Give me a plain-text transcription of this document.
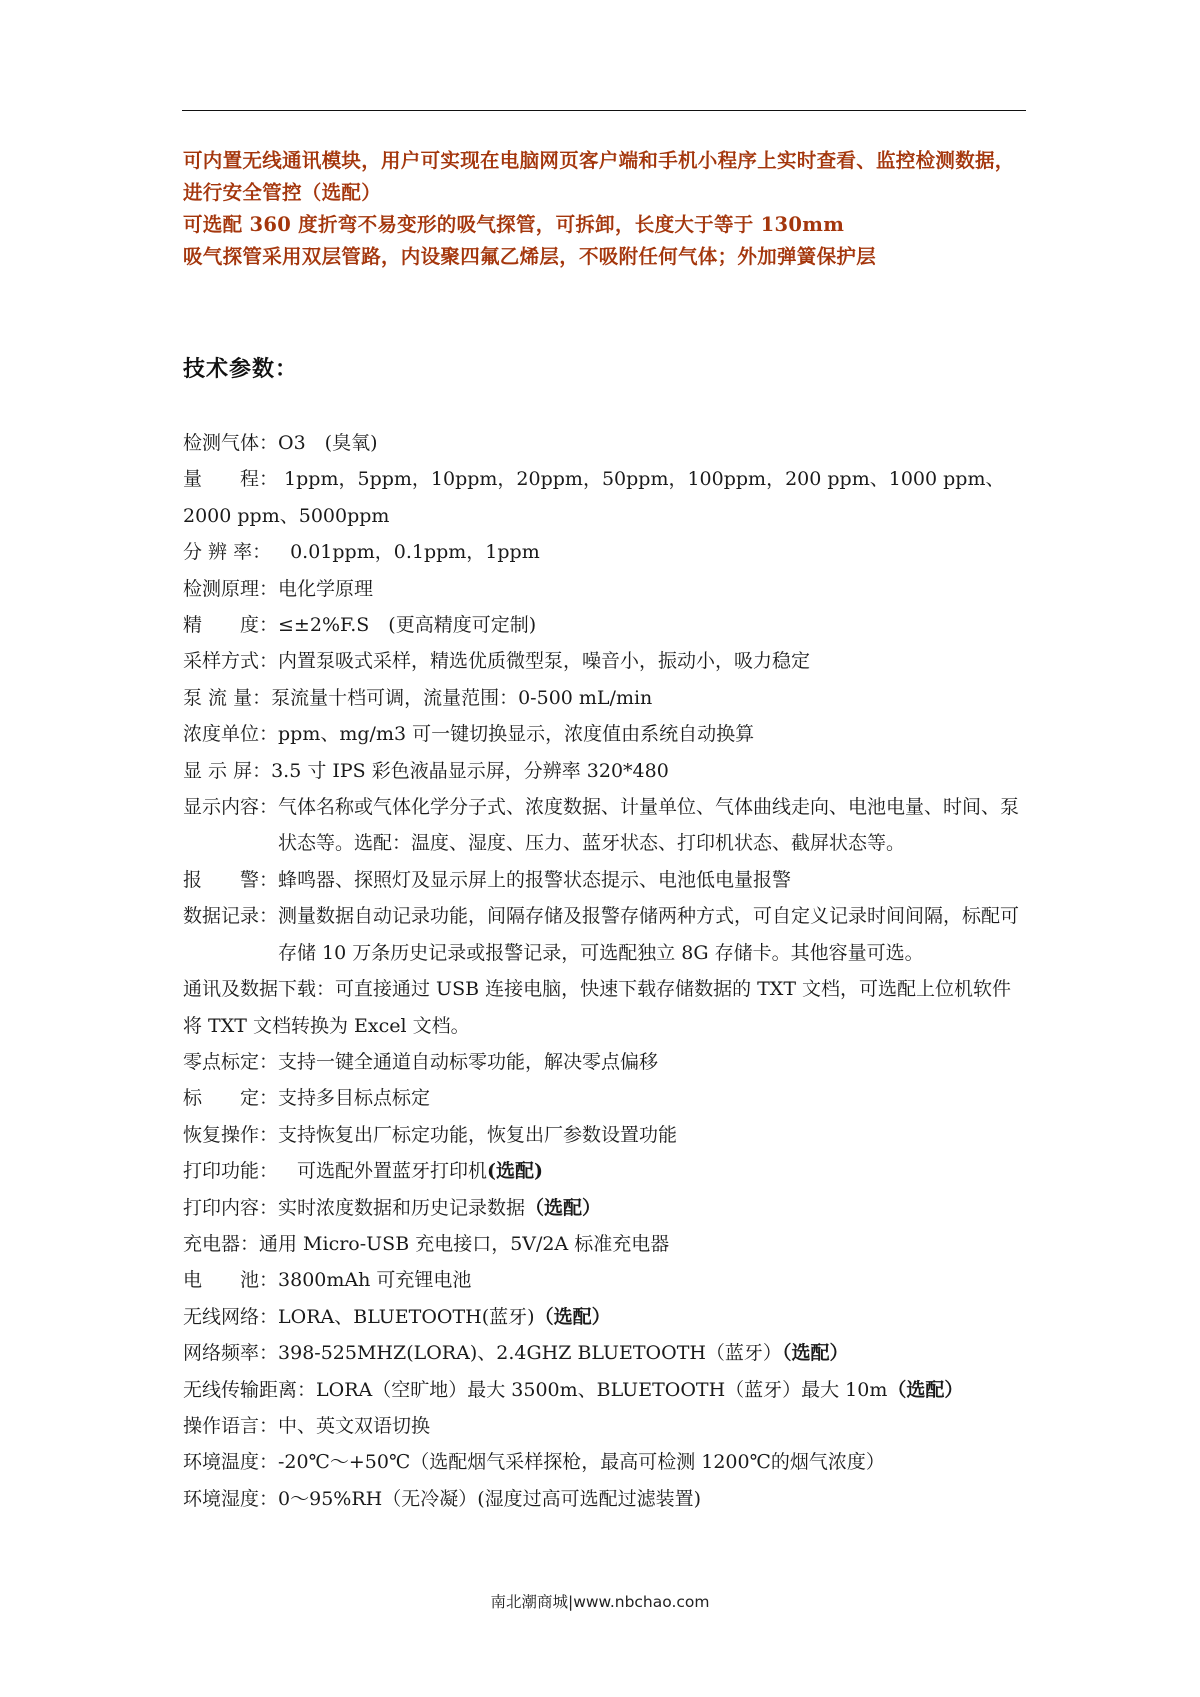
可内置无线通讯模块，用户可实现在电脑网页客户端和手机小程序上实时查看、监控检测数据，进行安全管控（选配）

可选配 360 度折弯不易变形的吸气探管，可拆卸，长度大于等于 130mm

吸气探管采用双层管路，内设聚四氟乙烯层，不吸附任何气体；外加弹簧保护层

技术参数：
检测气体： O3　(臭氧)
量　　程： 1ppm，5ppm，10ppm，20ppm，50ppm，100ppm，200 ppm、1000 ppm、2000 ppm、5000ppm
分 辨 率： 　0.01ppm，0.1ppm，1ppm
检测原理： 电化学原理
精　　度： ≤±2%F.S　(更高精度可定制)
采样方式： 内置泵吸式采样，精选优质微型泵，噪音小，振动小，吸力稳定
泵 流 量： 泵流量十档可调，流量范围：0-500 mL/min
浓度单位： ppm、mg/m3 可一键切换显示，浓度值由系统自动换算
显 示 屏： 3.5 寸 IPS 彩色液晶显示屏，分辨率 320*480
显示内容： 气体名称或气体化学分子式、浓度数据、计量单位、气体曲线走向、电池电量、时间、泵状态等。选配：温度、湿度、压力、蓝牙状态、打印机状态、截屏状态等。
报　　警： 蜂鸣器、探照灯及显示屏上的报警状态提示、电池低电量报警
数据记录： 测量数据自动记录功能，间隔存储及报警存储两种方式，可自定义记录时间间隔，标配可存储 10 万条历史记录或报警记录，可选配独立 8G 存储卡。其他容量可选。
通讯及数据下载：可直接通过 USB 连接电脑，快速下载存储数据的 TXT 文档，可选配上位机软件将 TXT 文档转换为 Excel 文档。
零点标定： 支持一键全通道自动标零功能，解决零点偏移
标　　定： 支持多目标点标定
恢复操作： 支持恢复出厂标定功能，恢复出厂参数设置功能
打印功能： 　可选配外置蓝牙打印机(选配)
打印内容： 实时浓度数据和历史记录数据（选配）
充电器： 通用 Micro-USB 充电接口，5V/2A 标准充电器
电　　池： 3800mAh 可充锂电池
无线网络： LORA、BLUETOOTH(蓝牙)（选配）
网络频率： 398-525MHZ(LORA)、2.4GHZ BLUETOOTH（蓝牙）（选配）
无线传输距离： LORA（空旷地）最大 3500m、BLUETOOTH（蓝牙）最大 10m（选配）
操作语言： 中、英文双语切换
环境温度： -20℃～+50℃（选配烟气采样探枪，最高可检测 1200℃的烟气浓度）
环境湿度： 0～95%RH（无冷凝）(湿度过高可选配过滤装置)
南北潮商城|www.nbchao.com
